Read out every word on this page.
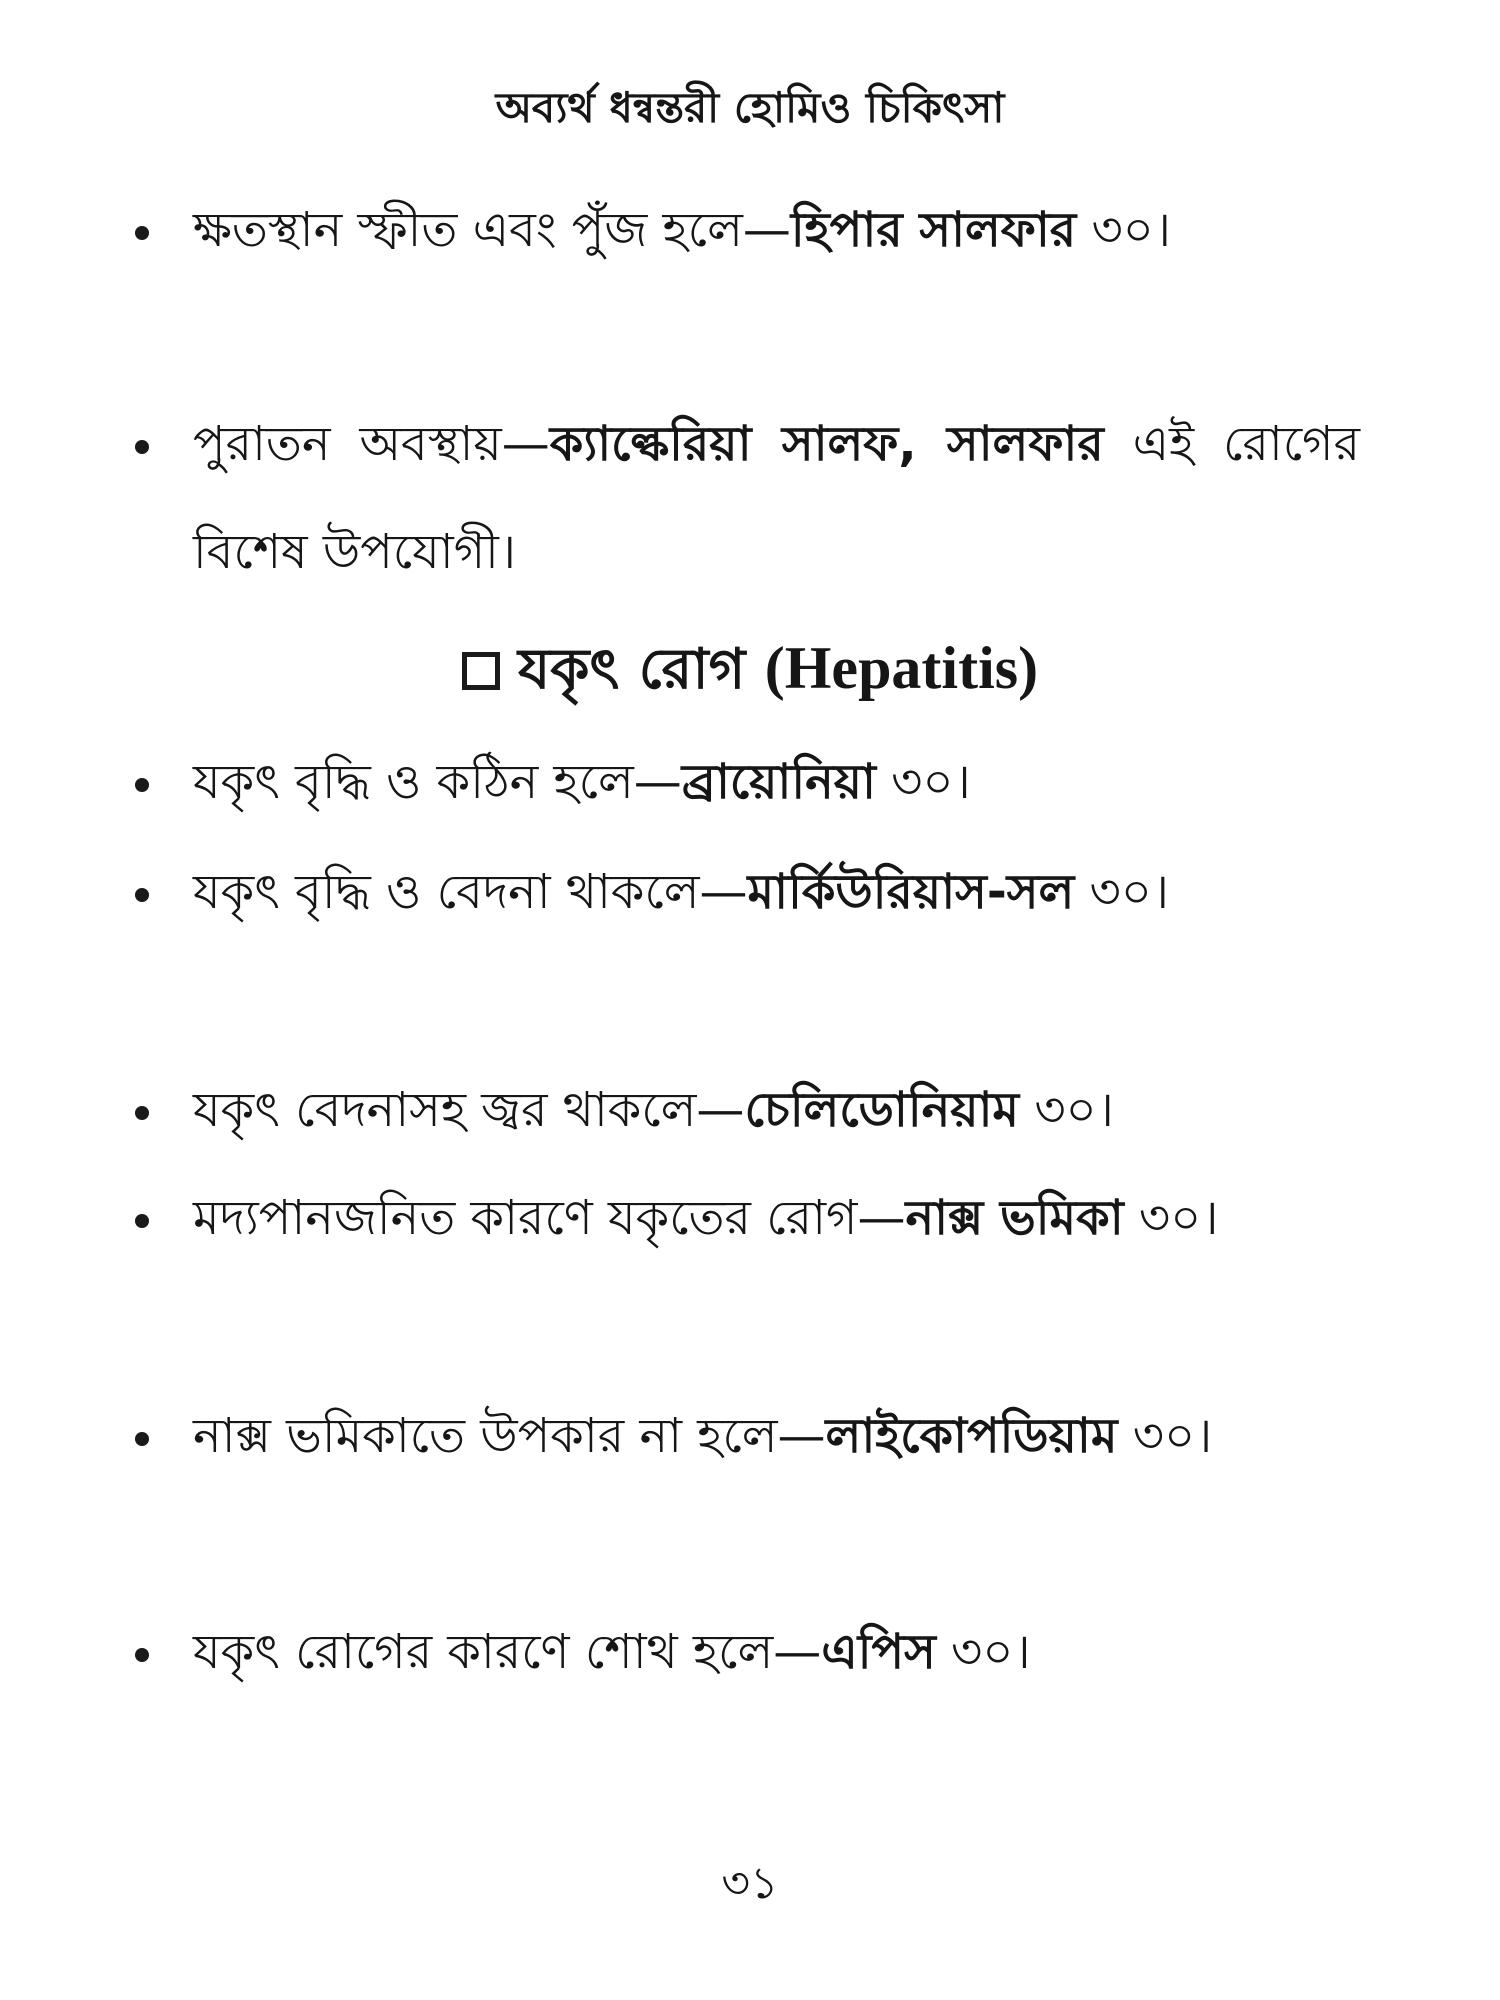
অব্যর্থ ধন্বন্তরী হোমিও চিকিৎসা
ক্ষতস্থান স্ফীত এবং পুঁজ হলে—হিপার সালফার ৩০।
পুরাতন অবস্থায়—ক্যাল্কেরিয়া সালফ, সালফার এই রোগের বিশেষ উপযোগী।
যকৃৎ রোগ (Hepatitis)
যকৃৎ বৃদ্ধি ও কঠিন হলে—ব্রায়োনিয়া ৩০।
যকৃৎ বৃদ্ধি ও বেদনা থাকলে—মার্কিউরিয়াস-সল ৩০।
যকৃৎ বেদনাসহ জ্বর থাকলে—চেলিডোনিয়াম ৩০।
মদ্যপানজনিত কারণে যকৃতের রোগ—নাক্স ভমিকা ৩০।
নাক্স ভমিকাতে উপকার না হলে—লাইকোপডিয়াম ৩০।
যকৃৎ রোগের কারণে শোথ হলে—এপিস ৩০।
৩১
